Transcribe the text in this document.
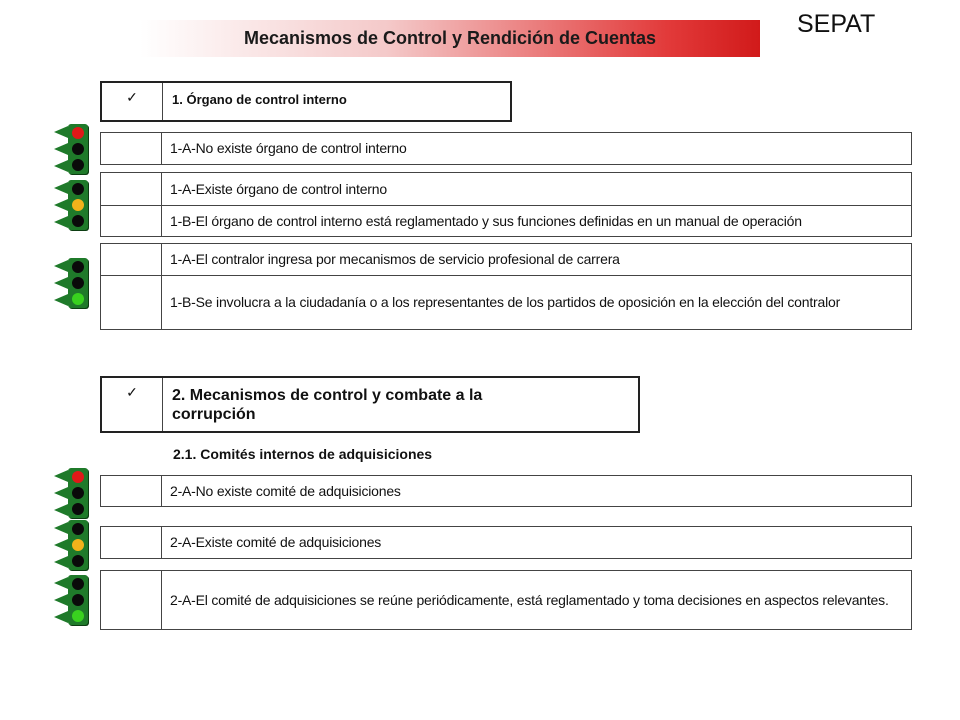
Mecanismos de Control y Rendición de Cuentas	SEPAT
✓	1. Órgano de control interno
1-A-No existe órgano de control interno
1-A-Existe órgano de control interno
1-B-El órgano de control interno está reglamentado y sus funciones definidas en un manual de operación
1-A-El contralor ingresa por mecanismos de servicio profesional de carrera
1-B-Se involucra a la ciudadanía o a los representantes de los partidos de oposición en la elección del contralor
✓	2. Mecanismos de control y combate a la corrupción
2.1. Comités internos de adquisiciones
2-A-No existe comité de adquisiciones
2-A-Existe comité de adquisiciones
2-A-El comité de adquisiciones se reúne periódicamente, está reglamentado y toma decisiones en aspectos relevantes.
